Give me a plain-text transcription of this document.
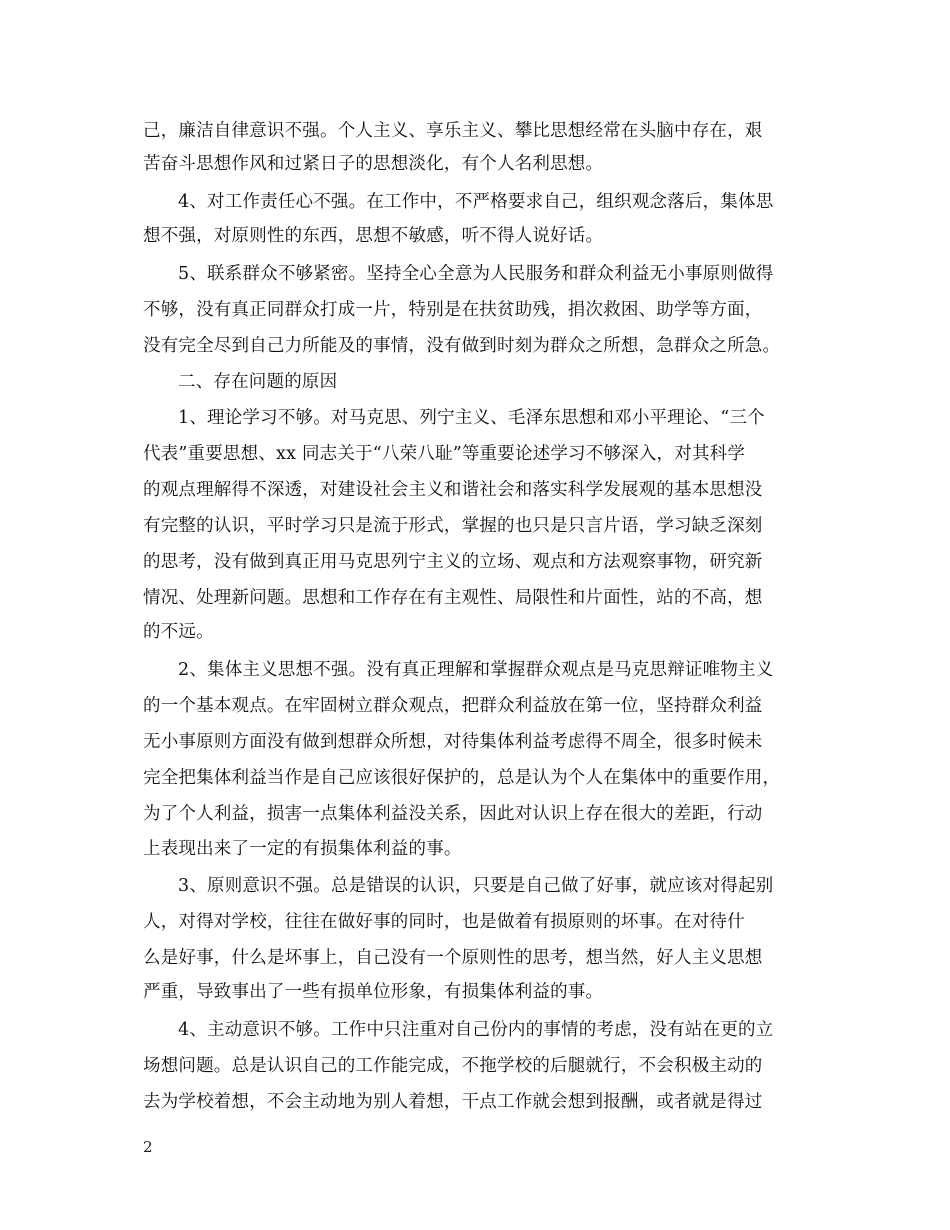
己，廉洁自律意识不强。个人主义、享乐主义、攀比思想经常在头脑中存在，艰
苦奋斗思想作风和过紧日子的思想淡化，有个人名利思想。
4、对工作责任心不强。在工作中，不严格要求自己，组织观念落后，集体思
想不强，对原则性的东西，思想不敏感，听不得人说好话。
5、联系群众不够紧密。坚持全心全意为人民服务和群众利益无小事原则做得
不够，没有真正同群众打成一片，特别是在扶贫助残，捐次救困、助学等方面，
没有完全尽到自己力所能及的事情，没有做到时刻为群众之所想，急群众之所急。
二、存在问题的原因
1、理论学习不够。对马克思、列宁主义、毛泽东思想和邓小平理论、“三个
代表”重要思想、xx 同志关于“八荣八耻”等重要论述学习不够深入，对其科学
的观点理解得不深透，对建设社会主义和谐社会和落实科学发展观的基本思想没
有完整的认识，平时学习只是流于形式，掌握的也只是只言片语，学习缺乏深刻
的思考，没有做到真正用马克思列宁主义的立场、观点和方法观察事物，研究新
情况、处理新问题。思想和工作存在有主观性、局限性和片面性，站的不高，想
的不远。
2、集体主义思想不强。没有真正理解和掌握群众观点是马克思辩证唯物主义
的一个基本观点。在牢固树立群众观点，把群众利益放在第一位，坚持群众利益
无小事原则方面没有做到想群众所想，对待集体利益考虑得不周全，很多时候未
完全把集体利益当作是自己应该很好保护的，总是认为个人在集体中的重要作用，
为了个人利益，损害一点集体利益没关系，因此对认识上存在很大的差距，行动
上表现出来了一定的有损集体利益的事。
3、原则意识不强。总是错误的认识，只要是自己做了好事，就应该对得起别
人，对得对学校，往往在做好事的同时，也是做着有损原则的坏事。在对待什
么是好事，什么是坏事上，自己没有一个原则性的思考，想当然，好人主义思想
严重，导致事出了一些有损单位形象，有损集体利益的事。
4、主动意识不够。工作中只注重对自己份内的事情的考虑，没有站在更的立
场想问题。总是认识自己的工作能完成，不拖学校的后腿就行，不会积极主动的
去为学校着想，不会主动地为别人着想，干点工作就会想到报酬，或者就是得过
2
